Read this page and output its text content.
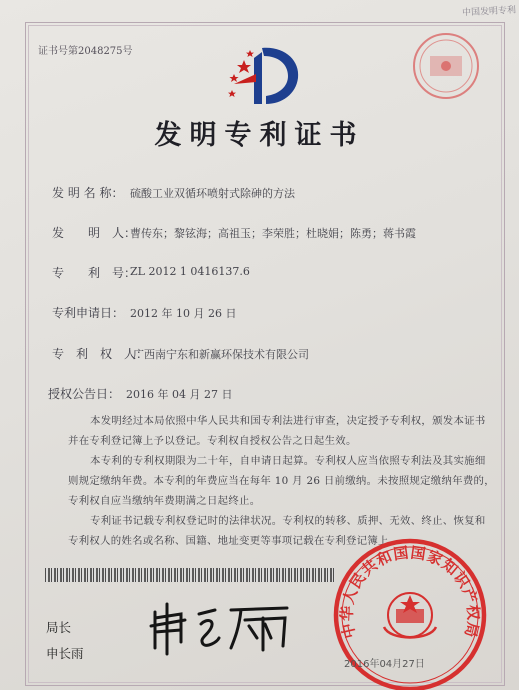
证书号第2048275号
中国发明专利
发明专利证书
发 明 名 称： 硫酸工业双循环喷射式除砷的方法
发　　明　人：
曹传东；黎铉海；高祖玉；李荣胜；杜晓娟；陈勇；蒋书霞
专　　利　号：
ZL 2012 1 0416137.6
专利申请日： 2012 年 10 月 26 日
专　利　权　人：
广西南宁东和新赢环保技术有限公司
授权公告日： 2016 年 04 月 27 日
本发明经过本局依照中华人民共和国专利法进行审查，决定授予专利权，颁发本证书
并在专利登记簿上予以登记。专利权自授权公告之日起生效。
本专利的专利权期限为二十年，自申请日起算。专利权人应当依照专利法及其实施细
则规定缴纳年费。本专利的年费应当在每年 10 月 26 日前缴纳。未按照规定缴纳年费的，
专利权自应当缴纳年费期满之日起终止。
专利证书记载专利权登记时的法律状况。专利权的转移、质押、无效、终止、恢复和
专利权人的姓名或名称、国籍、地址变更等事项记载在专利登记簿上。
局长
申长雨
中华人民共和国国家知识产权局
2016年04月27日
